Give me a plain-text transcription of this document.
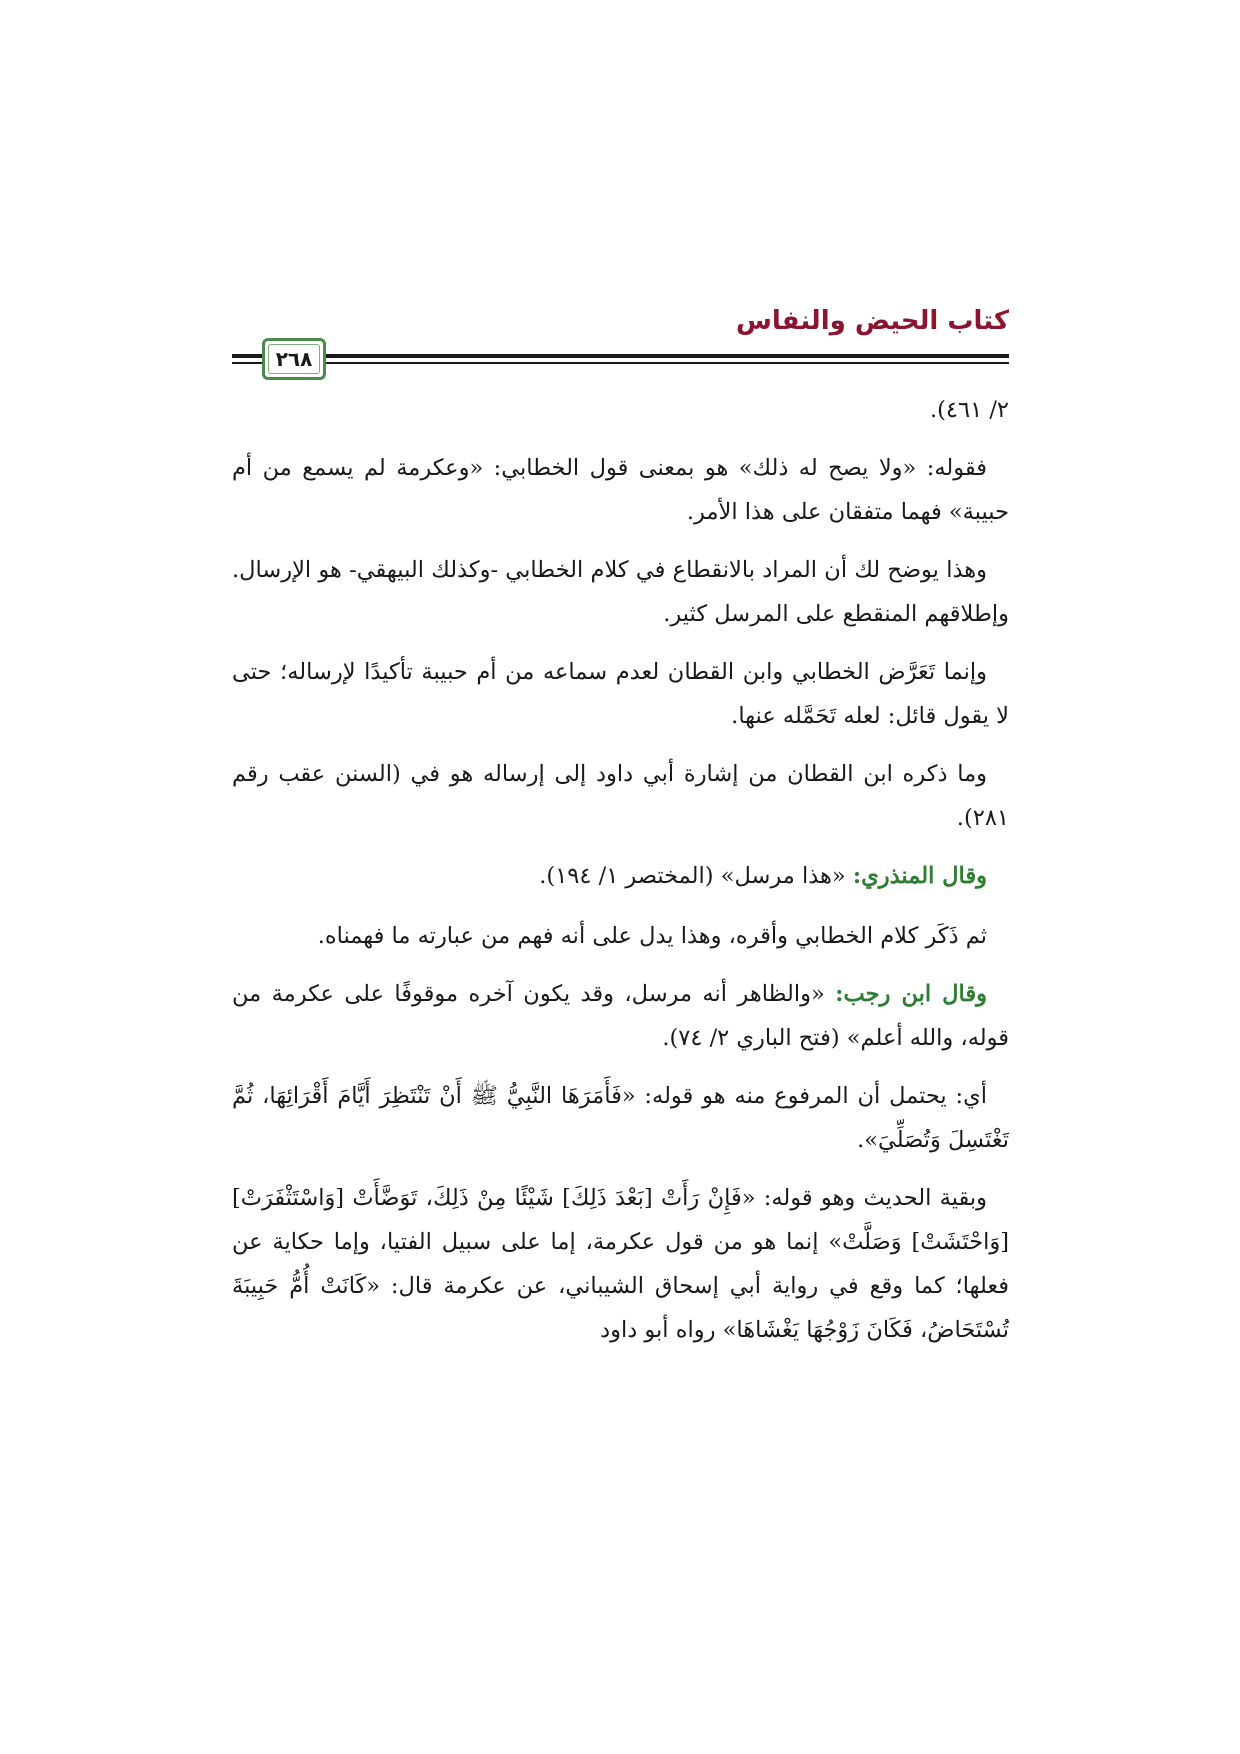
كتاب الحيض والنفاس
٢٦٨

٢/ ٤٦١).

فقوله: «ولا يصح له ذلك» هو بمعنى قول الخطابي: «وعكرمة لم يسمع من أم حبيبة» فهما متفقان على هذا الأمر.

وهذا يوضح لك أن المراد بالانقطاع في كلام الخطابي -وكذلك البيهقي- هو الإرسال. وإطلاقهم المنقطع على المرسل كثير.

وإنما تَعَرَّض الخطابي وابن القطان لعدم سماعه من أم حبيبة تأكيدًا لإرساله؛ حتى لا يقول قائل: لعله تَحَمَّله عنها.

وما ذكره ابن القطان من إشارة أبي داود إلى إرساله هو في (السنن عقب رقم ٢٨١).

وقال المنذري: «هذا مرسل» (المختصر ١/ ١٩٤).

ثم ذَكَر كلام الخطابي وأقره، وهذا يدل على أنه فهم من عبارته ما فهمناه.

وقال ابن رجب: «والظاهر أنه مرسل، وقد يكون آخره موقوفًا على عكرمة من قوله، والله أعلم» (فتح الباري ٢/ ٧٤).

أي: يحتمل أن المرفوع منه هو قوله: «فَأَمَرَهَا النَّبِيُّ ﷺ أَنْ تَنْتَظِرَ أَيَّامَ أَقْرَائِهَا، ثُمَّ تَغْتَسِلَ وَتُصَلِّيَ».

وبقية الحديث وهو قوله: «فَإِنْ رَأَتْ [بَعْدَ ذَلِكَ] شَيْئًا مِنْ ذَلِكَ، تَوَضَّأَتْ [وَاسْتَثْفَرَتْ] [وَاحْتَشَتْ] وَصَلَّتْ» إنما هو من قول عكرمة، إما على سبيل الفتيا، وإما حكاية عن فعلها؛ كما وقع في رواية أبي إسحاق الشيباني، عن عكرمة قال: «كَانَتْ أُمُّ حَبِيبَةَ تُسْتَحَاضُ، فَكَانَ زَوْجُهَا يَغْشَاهَا» رواه أبو داود
